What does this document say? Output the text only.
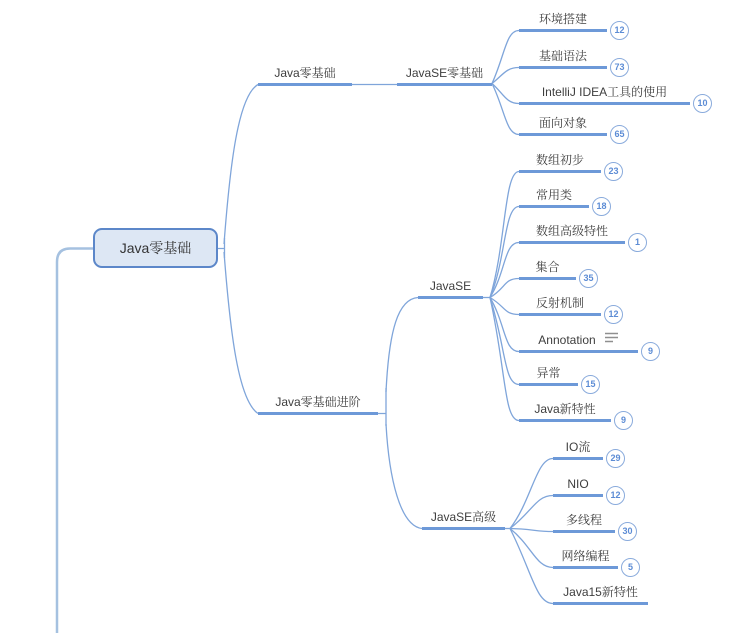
Java零基础
Java零基础	JavaSE零基础
Java零基础进阶
JavaSE
JavaSE高级
环境搭建
12
基础语法
73
IntelliJ IDEA工具的使用
10
面向对象
65
数组初步
23
常用类
18
数组高级特性
1
集合
35
反射机制
12
Annotation
9
异常
15
Java新特性
9
IO流
29
NIO
12
多线程
30
网络编程
5
Java15新特性
